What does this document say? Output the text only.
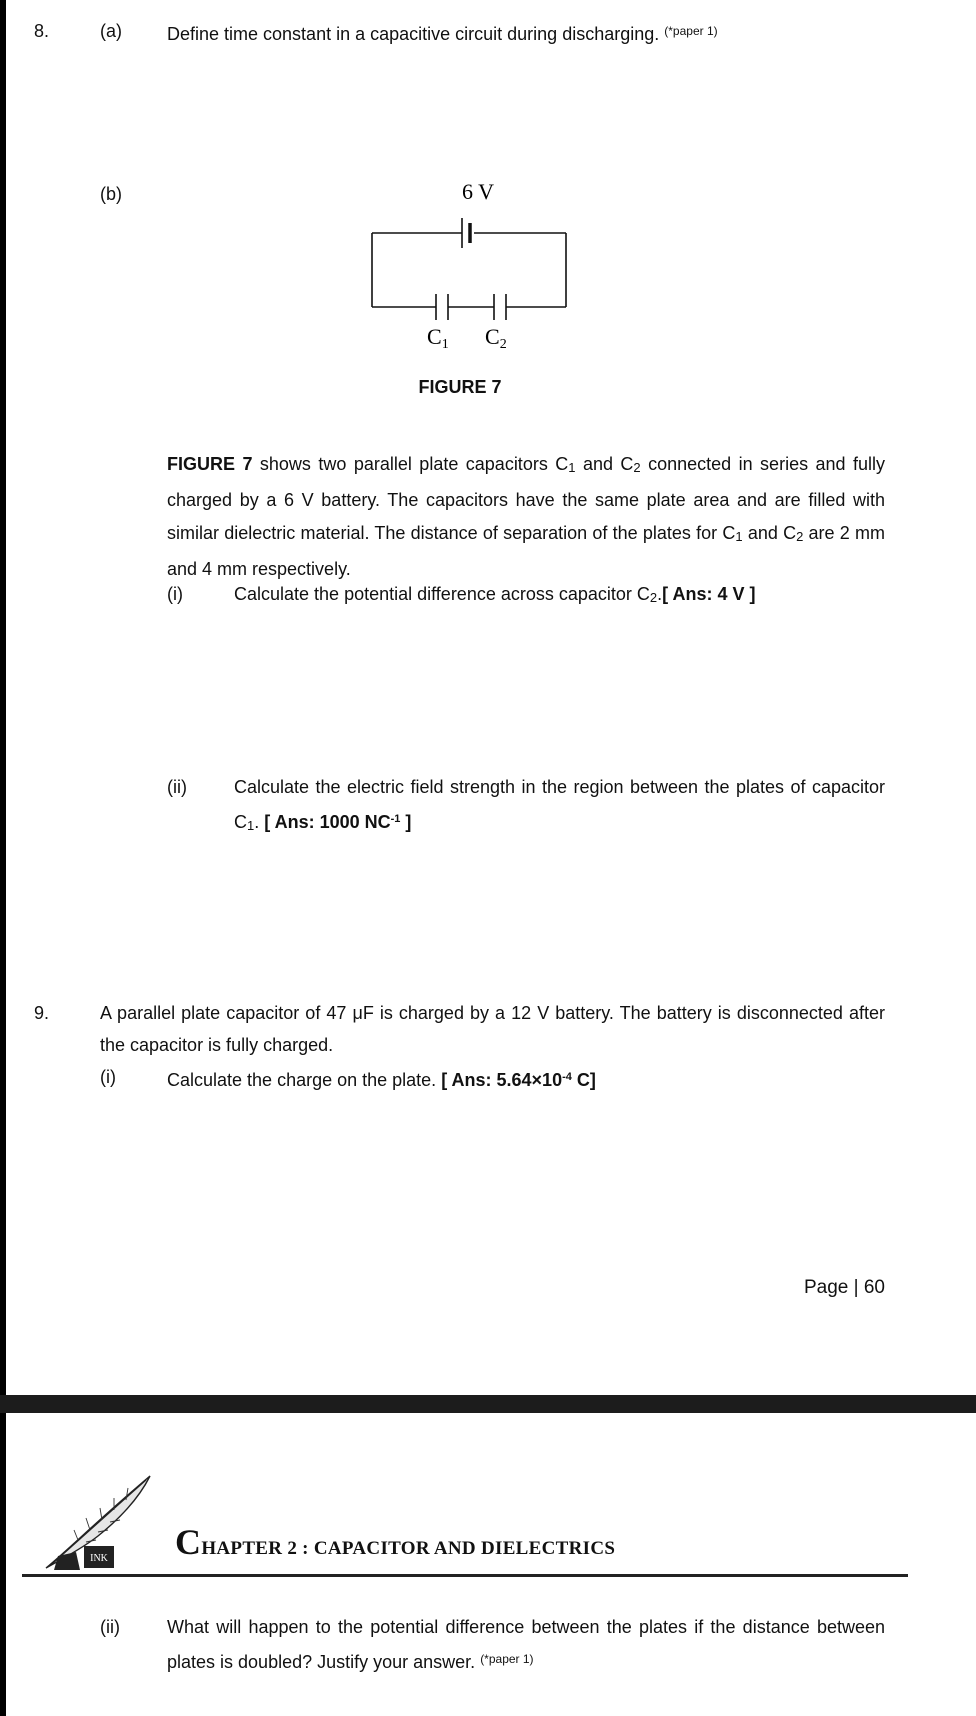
8.	(a)	Define time constant in a capacitive circuit during discharging. $^{(*paper 1)}$
(b)	6 V
C1 C2
FIGURE 7
FIGURE 7 shows two parallel plate capacitors C1 and C2 connected in series and fully charged by a 6 V battery. The capacitors have the same plate area and are filled with similar dielectric material. The distance of separation of the plates for C1 and C2 are 2 mm and 4 mm respectively.
(i)	Calculate the potential difference across capacitor C2.[ Ans: 4 V ]
(ii)	Calculate the electric field strength in the region between the plates of capacitor C1. [ Ans: 1000 $NC^{-1}$ ]
9.	A parallel plate capacitor of 47 μF is charged by a 12 V battery. The battery is disconnected after the capacitor is fully charged.
(i)	Calculate the charge on the plate. [ Ans: $5.64\times 10^{-4}$ C]
Page | 60
INK CHAPTER 2 : CAPACITOR AND DIELECTRICS
(ii)	What will happen to the potential difference between the plates if the distance between plates is doubled? Justify your answer. $^{(*paper 1)}$
